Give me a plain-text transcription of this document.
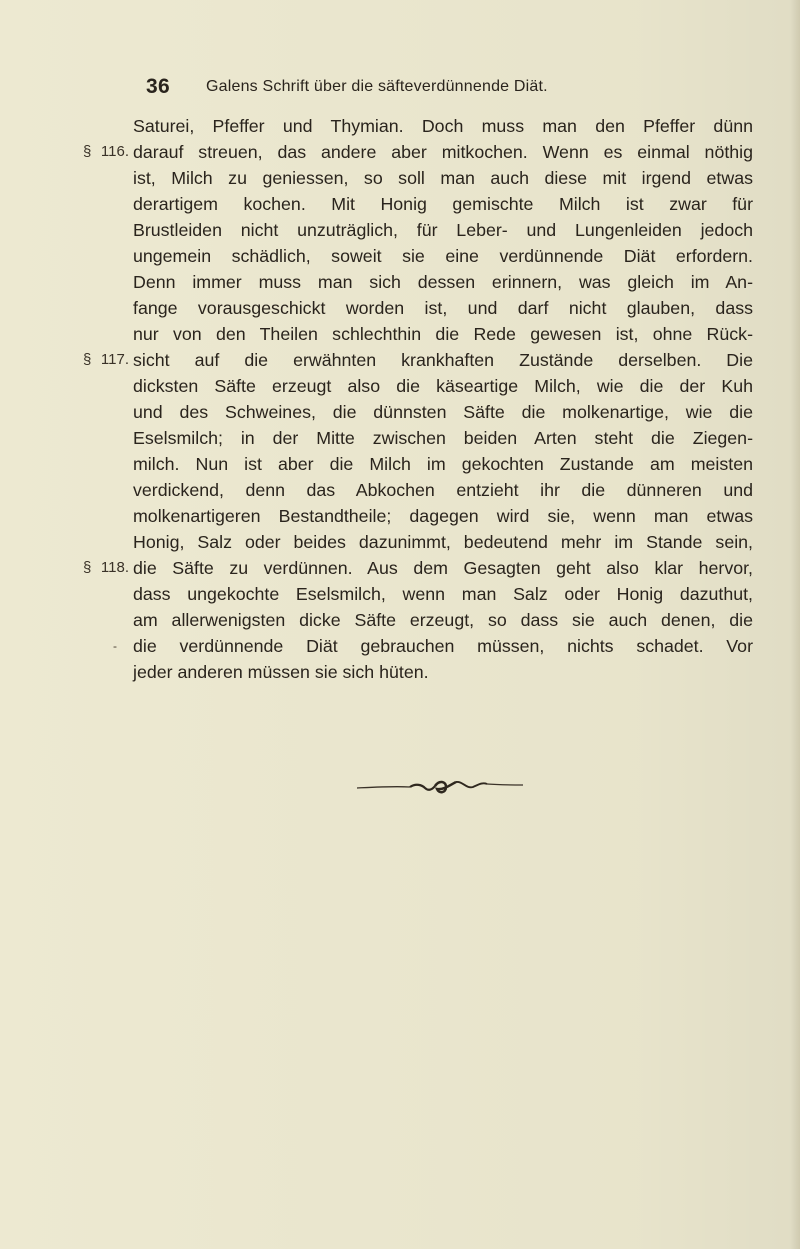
36 Galens Schrift über die säfteverdünnende Diät.
Saturei, Pfeffer und Thymian. Doch muss man den Pfeffer dünn
§ 116. darauf streuen, das andere aber mitkochen. Wenn es einmal nöthig
ist, Milch zu geniessen, so soll man auch diese mit irgend etwas
derartigem kochen. Mit Honig gemischte Milch ist zwar für
Brustleiden nicht unzuträglich, für Leber- und Lungenleiden jedoch
ungemein schädlich, soweit sie eine verdünnende Diät erfordern.
Denn immer muss man sich dessen erinnern, was gleich im An-
fange vorausgeschickt worden ist, und darf nicht glauben, dass
nur von den Theilen schlechthin die Rede gewesen ist, ohne Rück-
§ 117. sicht auf die erwähnten krankhaften Zustände derselben. Die
dicksten Säfte erzeugt also die käseartige Milch, wie die der Kuh
und des Schweines, die dünnsten Säfte die molkenartige, wie die
Eselsmilch; in der Mitte zwischen beiden Arten steht die Ziegen-
milch. Nun ist aber die Milch im gekochten Zustande am meisten
verdickend, denn das Abkochen entzieht ihr die dünneren und
molkenartigeren Bestandtheile; dagegen wird sie, wenn man etwas
Honig, Salz oder beides dazunimmt, bedeutend mehr im Stande sein,
§ 118. die Säfte zu verdünnen. Aus dem Gesagten geht also klar hervor,
dass ungekochte Eselsmilch, wenn man Salz oder Honig dazuthut,
am allerwenigsten dicke Säfte erzeugt, so dass sie auch denen, die
- die verdünnende Diät gebrauchen müssen, nichts schadet. Vor
jeder anderen müssen sie sich hüten.
